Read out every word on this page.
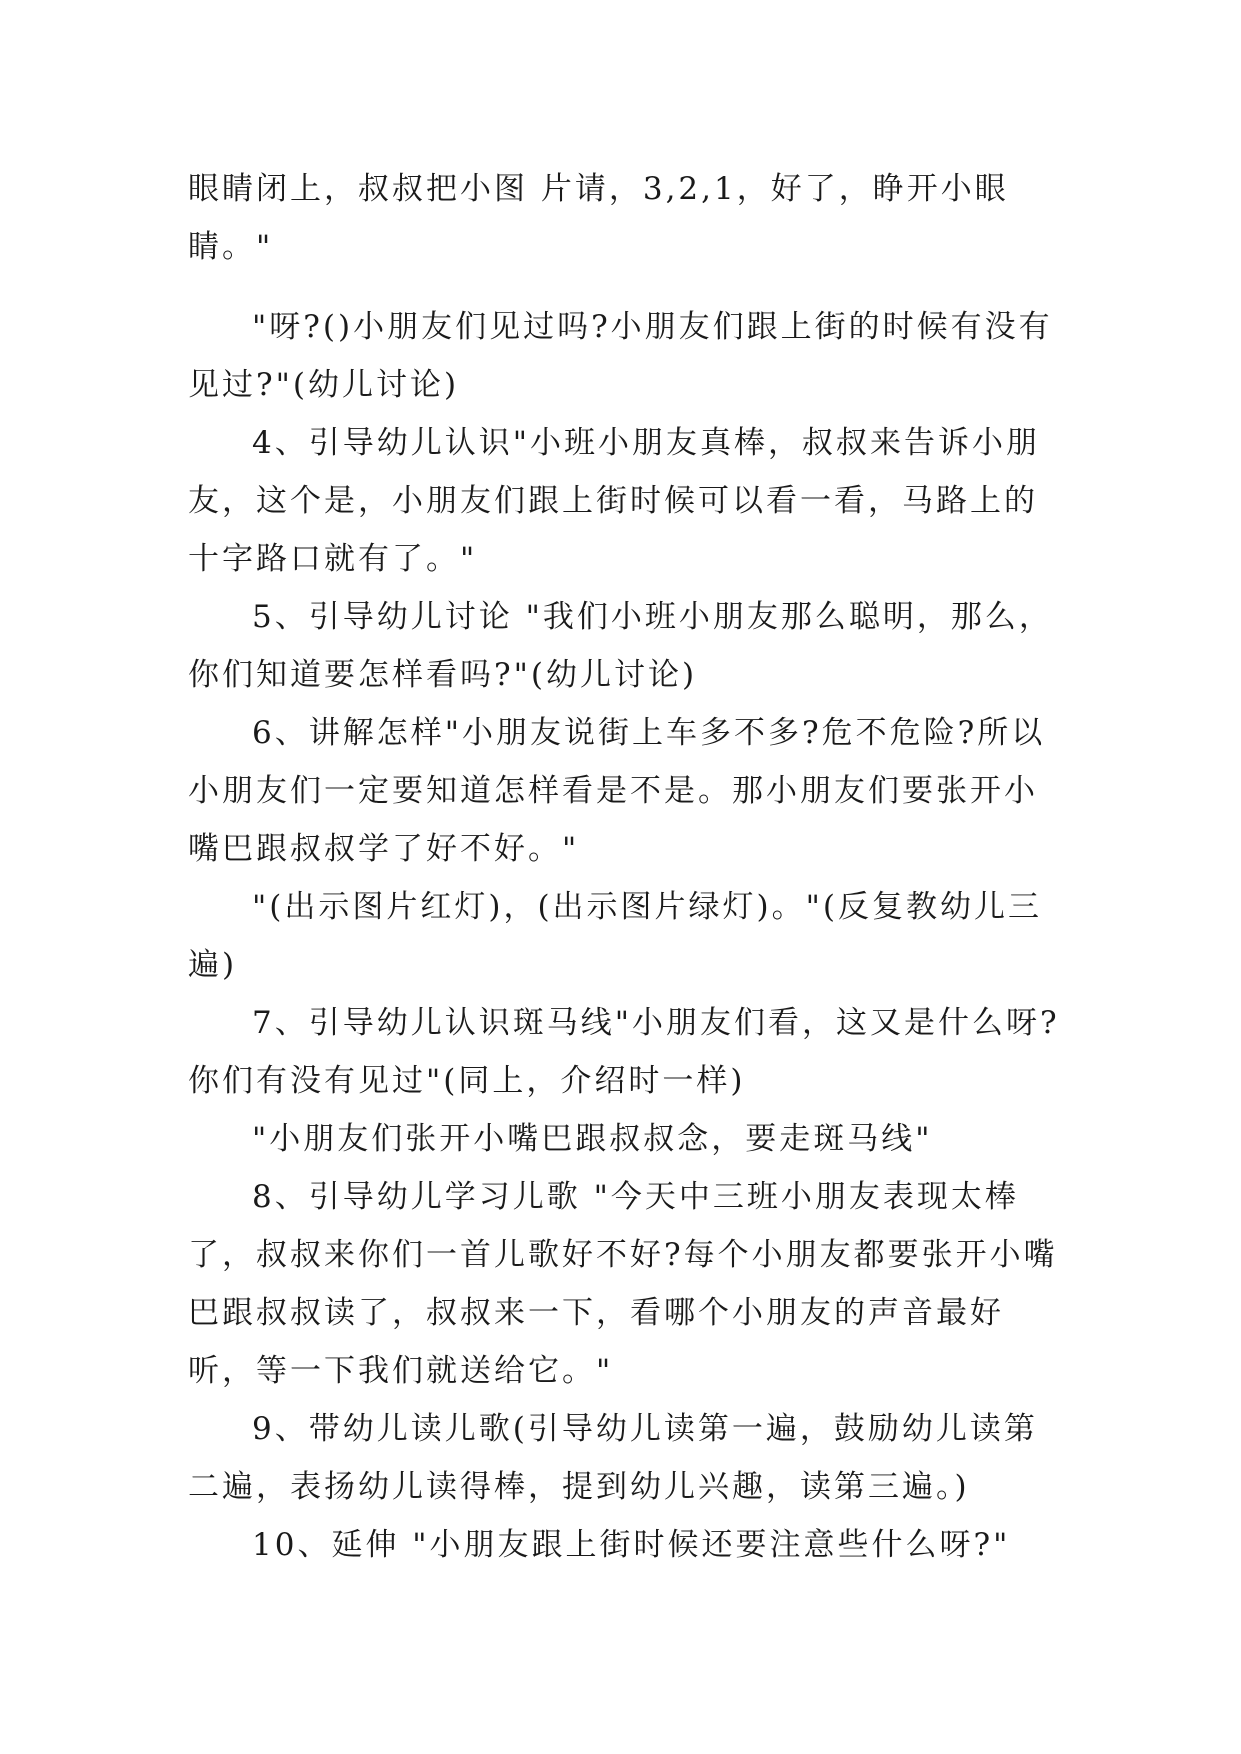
眼睛闭上，叔叔把小图 片请，3,2,1，好了，睁开小眼睛。"

"呀?()小朋友们见过吗?小朋友们跟上街的时候有没有见过?"(幼儿讨论)

4、引导幼儿认识"小班小朋友真棒，叔叔来告诉小朋友，这个是，小朋友们跟上街时候可以看一看，马路上的十字路口就有了。"

5、引导幼儿讨论 "我们小班小朋友那么聪明，那么，你们知道要怎样看吗?"(幼儿讨论)

6、讲解怎样"小朋友说街上车多不多?危不危险?所以小朋友们一定要知道怎样看是不是。那小朋友们要张开小嘴巴跟叔叔学了好不好。"

"(出示图片红灯)，(出示图片绿灯)。"(反复教幼儿三遍)

7、引导幼儿认识斑马线"小朋友们看，这又是什么呀?你们有没有见过"(同上，介绍时一样)

"小朋友们张开小嘴巴跟叔叔念，要走斑马线"

8、引导幼儿学习儿歌 "今天中三班小朋友表现太棒了，叔叔来你们一首儿歌好不好?每个小朋友都要张开小嘴巴跟叔叔读了，叔叔来一下，看哪个小朋友的声音最好听，等一下我们就送给它。"

9、带幼儿读儿歌(引导幼儿读第一遍，鼓励幼儿读第二遍，表扬幼儿读得棒，提到幼儿兴趣，读第三遍。)

10、延伸 "小朋友跟上街时候还要注意些什么呀?"
